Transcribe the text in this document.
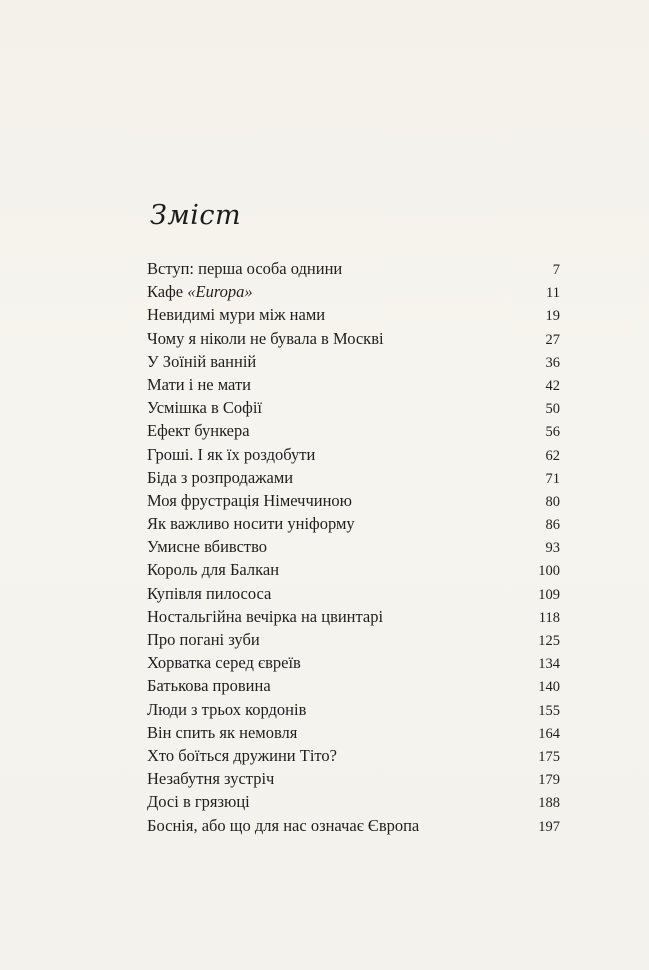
Зміст
Вступ: перша особа однини	7
Кафе «Europa»	11
Невидимі мури між нами	19
Чому я ніколи не бувала в Москві	27
У Зоїній ванній	36
Мати і не мати	42
Усмішка в Софії	50
Ефект бункера	56
Гроші. І як їх роздобути	62
Біда з розпродажами	71
Моя фрустрація Німеччиною	80
Як важливо носити уніформу	86
Умисне вбивство	93
Король для Балкан	100
Купівля пилососа	109
Ностальгійна вечірка на цвинтарі	118
Про погані зуби	125
Хорватка серед євреїв	134
Батькова провина	140
Люди з трьох кордонів	155
Він спить як немовля	164
Хто боїться дружини Тіто?	175
Незабутня зустріч	179
Досі в грязюці	188
Боснія, або що для нас означає Європа	197
